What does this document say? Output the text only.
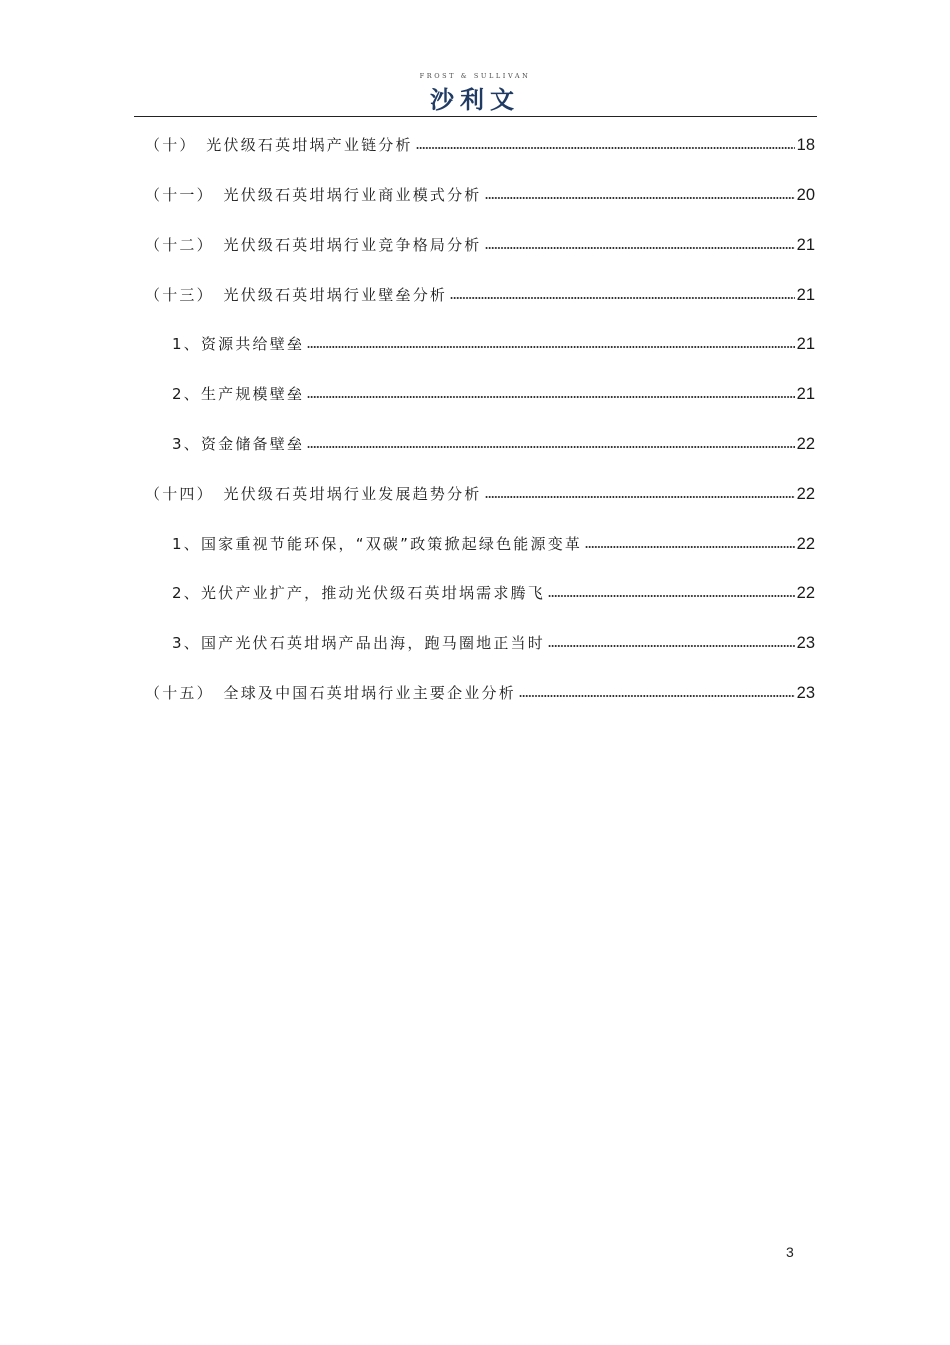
FROST & SULLIVAN
沙利文
（十）　光伏级石英坩埚产业链分析	18
（十一）　光伏级石英坩埚行业商业模式分析	20
（十二）　光伏级石英坩埚行业竞争格局分析	21
（十三）　光伏级石英坩埚行业壁垒分析	21
1、资源共给壁垒	21
2、生产规模壁垒	21
3、资金储备壁垒	22
（十四）　光伏级石英坩埚行业发展趋势分析	22
1、国家重视节能环保，“双碳”政策掀起绿色能源变革	22
2、光伏产业扩产，推动光伏级石英坩埚需求腾飞	22
3、国产光伏石英坩埚产品出海，跑马圈地正当时	23
（十五）　全球及中国石英坩埚行业主要企业分析	23
3
